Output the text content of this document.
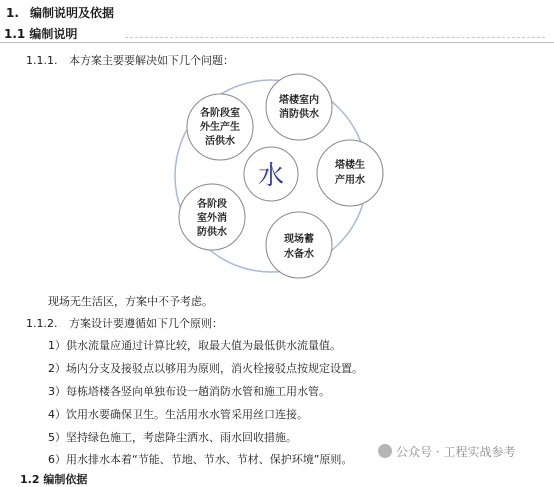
1. 编制说明及依据
1.1 编制说明
1.1.1. 本方案主要要解决如下几个问题：
水
塔楼室内
消防供水
塔楼生
产用水
现场蓄
水备水
各阶段
室外消
防供水
各阶段室
外生产生
活供水
现场无生活区，方案中不予考虑。
1.1.2. 方案设计要遵循如下几个原则：
1）供水流量应通过计算比较，取最大值为最低供水流量值。
2）场内分支及接驳点以够用为原则，消火栓接驳点按规定设置。
3）每栋塔楼各竖向单独布设一趟消防水管和施工用水管。
4）饮用水要确保卫生。生活用水水管采用丝口连接。
5）坚持绿色施工，考虑降尘洒水、雨水回收措施。
6）用水排水本着“节能、节地、节水、节材、保护环境”原则。
公众号 · 工程实战参考
1.2 编制依据
